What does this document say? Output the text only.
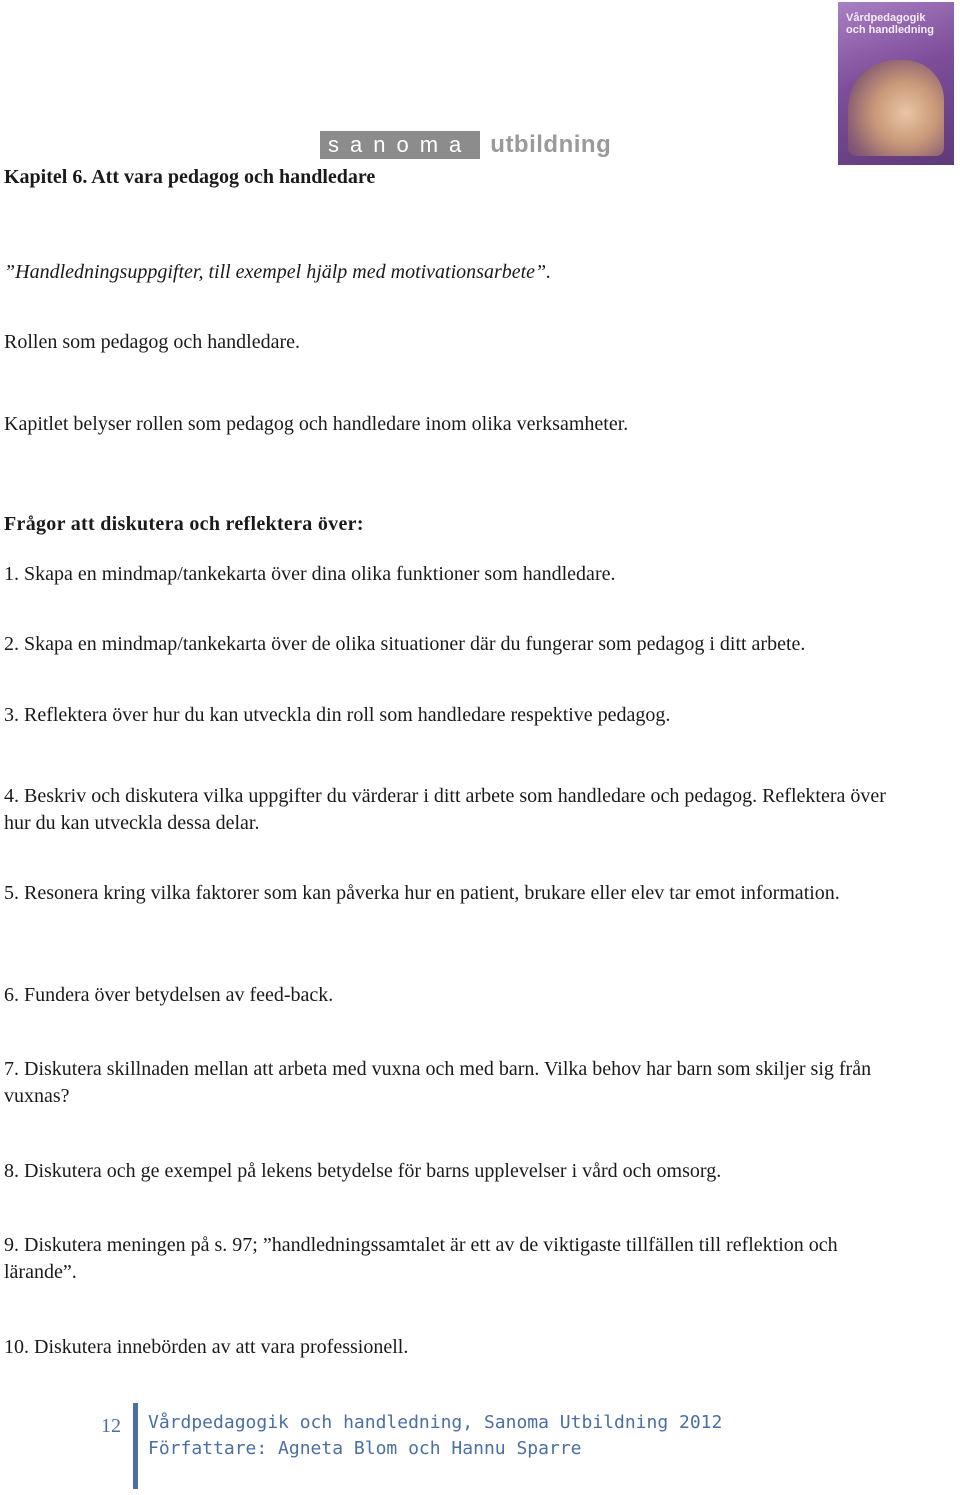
Vårdpedagogik och handledning
sanoma utbildning
Kapitel 6. Att vara pedagog och handledare
”Handledningsuppgifter, till exempel hjälp med motivationsarbete”.
Rollen som pedagog och handledare.
Kapitlet belyser rollen som pedagog och handledare inom olika verksamheter.
Frågor att diskutera och reflektera över:
1. Skapa en mindmap/tankekarta över dina olika funktioner som handledare.
2. Skapa en mindmap/tankekarta över de olika situationer där du fungerar som pedagog i ditt arbete.
3. Reflektera över hur du kan utveckla din roll som handledare respektive pedagog.
4. Beskriv och diskutera vilka uppgifter du värderar i ditt arbete som handledare och pedagog. Reflektera över hur du kan utveckla dessa delar.
5. Resonera kring vilka faktorer som kan påverka hur en patient, brukare eller elev tar emot information.
6. Fundera över betydelsen av feed-back.
7. Diskutera skillnaden mellan att arbeta med vuxna och med barn. Vilka behov har barn som skiljer sig från vuxnas?
8. Diskutera och ge exempel på lekens betydelse för barns upplevelser i vård och omsorg.
9. Diskutera meningen på s. 97; ”handledningssamtalet är ett av de viktigaste tillfällen till reflektion och lärande”.
10. Diskutera innebörden av att vara professionell.
12 Vårdpedagogik och handledning, Sanoma Utbildning 2012
Författare: Agneta Blom och Hannu Sparre
